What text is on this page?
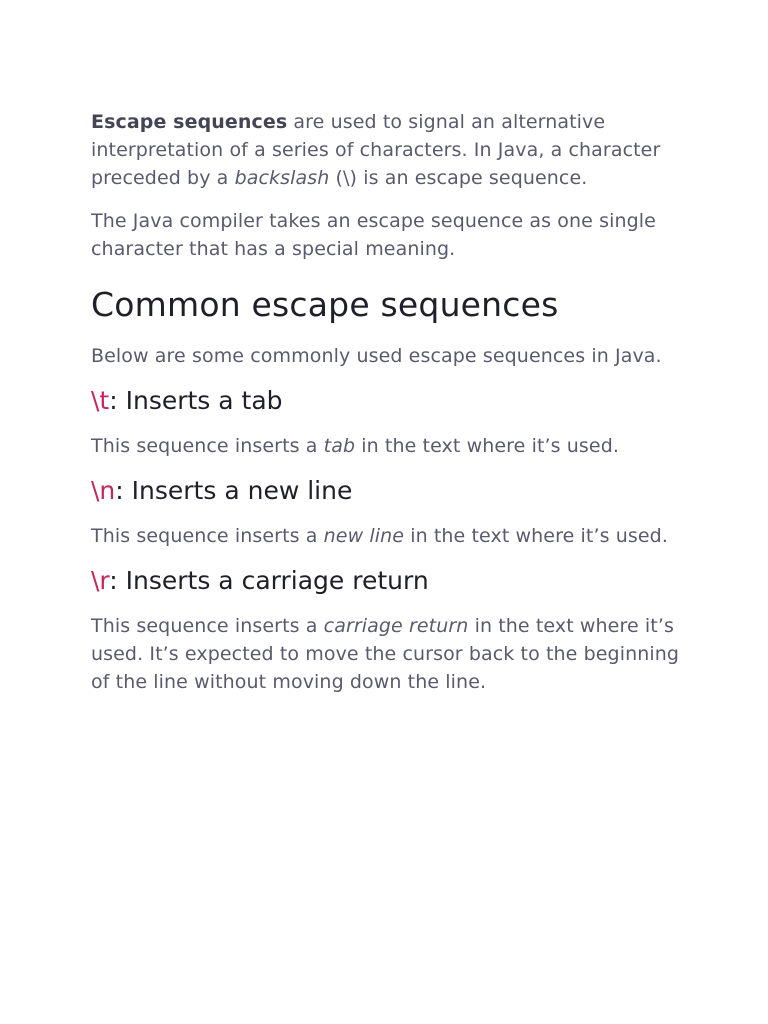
Escape sequences are used to signal an alternative interpretation of a series of characters. In Java, a character preceded by a backslash (\) is an escape sequence.

The Java compiler takes an escape sequence as one single character that has a special meaning.

Common escape sequences

Below are some commonly used escape sequences in Java.

\t: Inserts a tab

This sequence inserts a tab in the text where it’s used.

\n: Inserts a new line

This sequence inserts a new line in the text where it’s used.

\r: Inserts a carriage return

This sequence inserts a carriage return in the text where it’s used. It’s expected to move the cursor back to the beginning of the line without moving down the line.
